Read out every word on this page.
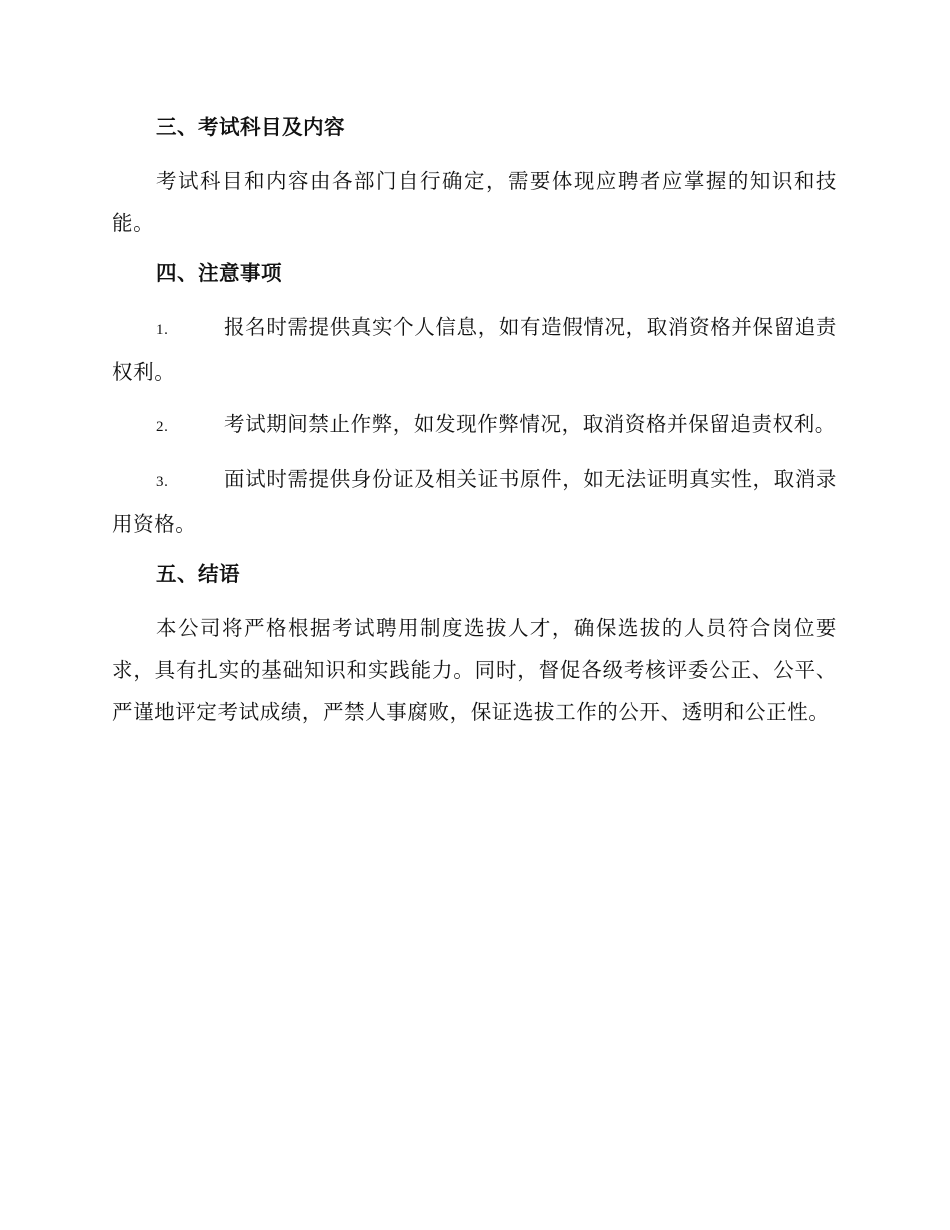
三、考试科目及内容

考试科目和内容由各部门自行确定，需要体现应聘者应掌握的知识和技能。

四、注意事项

1.	报名时需提供真实个人信息，如有造假情况，取消资格并保留追责权利。

2.	考试期间禁止作弊，如发现作弊情况，取消资格并保留追责权利。

3.	面试时需提供身份证及相关证书原件，如无法证明真实性，取消录用资格。

五、结语

本公司将严格根据考试聘用制度选拔人才，确保选拔的人员符合岗位要求，具有扎实的基础知识和实践能力。同时，督促各级考核评委公正、公平、严谨地评定考试成绩，严禁人事腐败，保证选拔工作的公开、透明和公正性。
